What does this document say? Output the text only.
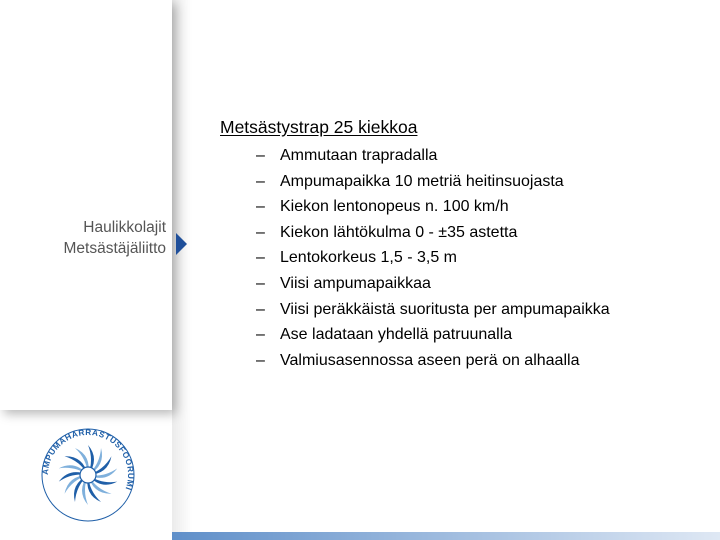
Haulikkolajit
Metsästäjäliitto
AMPUMAHARRASTUSFOORUMI
Metsästystrap 25 kiekkoa
– Ammutaan trapradalla
– Ampumapaikka 10 metriä heitinsuojasta
– Kiekon lentonopeus n. 100 km/h
– Kiekon lähtökulma 0 - ±35 astetta
– Lentokorkeus 1,5 - 3,5 m
– Viisi ampumapaikkaa
– Viisi peräkkäistä suoritusta per ampumapaikka
– Ase ladataan yhdellä patruunalla
– Valmiusasennossa aseen perä on alhaalla
